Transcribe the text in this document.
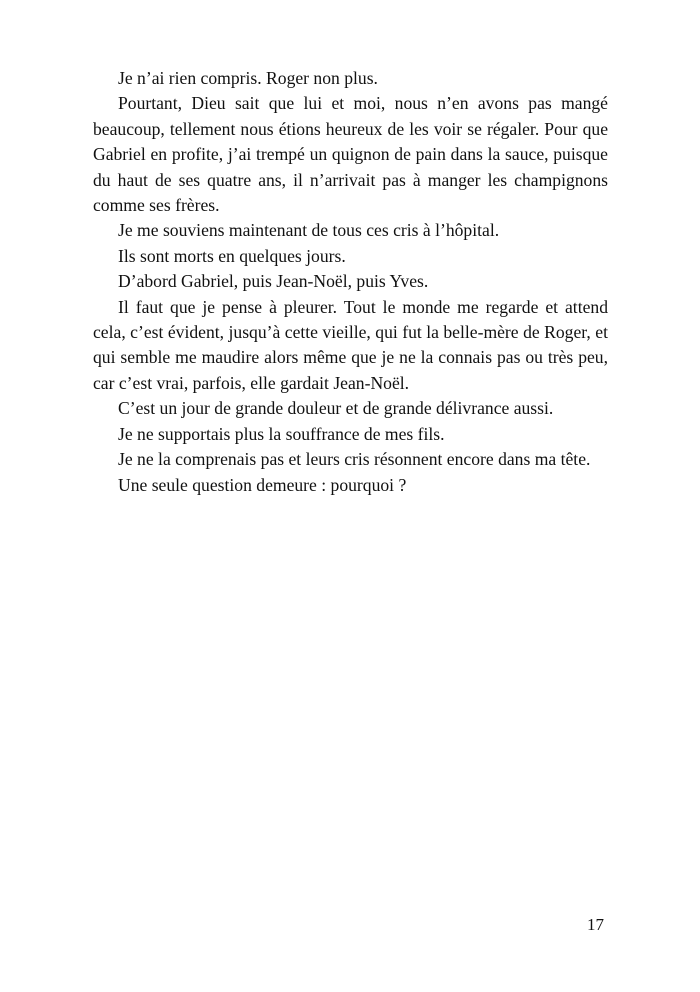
Je n’ai rien compris. Roger non plus.

Pourtant, Dieu sait que lui et moi, nous n’en avons pas mangé beaucoup, tellement nous étions heureux de les voir se régaler. Pour que Gabriel en profite, j’ai trempé un quignon de pain dans la sauce, puisque du haut de ses quatre ans, il n’arrivait pas à manger les champignons comme ses frères.

Je me souviens maintenant de tous ces cris à l’hôpital.

Ils sont morts en quelques jours.

D’abord Gabriel, puis Jean-Noël, puis Yves.

Il faut que je pense à pleurer. Tout le monde me regarde et attend cela, c’est évident, jusqu’à cette vieille, qui fut la belle-mère de Roger, et qui semble me maudire alors même que je ne la connais pas ou très peu, car c’est vrai, parfois, elle gardait Jean-Noël.

C’est un jour de grande douleur et de grande délivrance aussi.

Je ne supportais plus la souffrance de mes fils.

Je ne la comprenais pas et leurs cris résonnent encore dans ma tête.

Une seule question demeure : pourquoi ?

17
